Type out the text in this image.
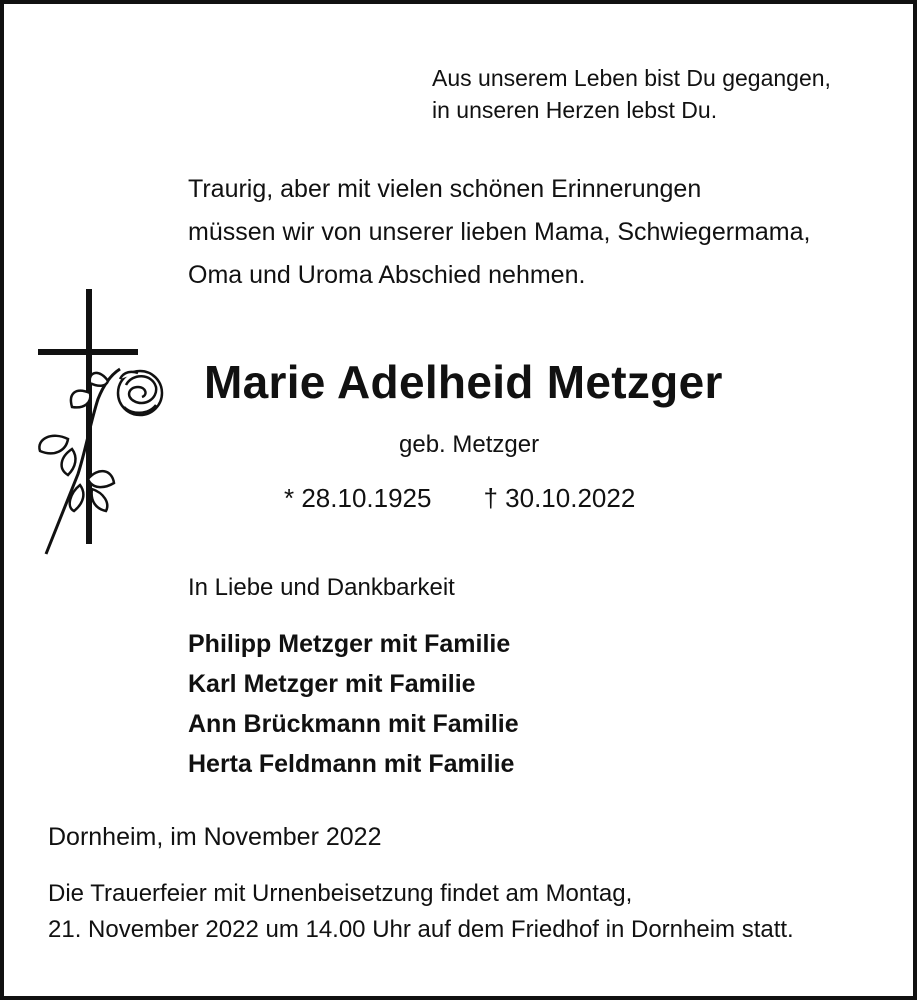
Aus unserem Leben bist Du gegangen,
in unseren Herzen lebst Du.
Traurig, aber mit vielen schönen Erinnerungen
müssen wir von unserer lieben Mama, Schwiegermama,
Oma und Uroma Abschied nehmen.
Marie Adelheid Metzger
geb. Metzger
* 28.10.1925 † 30.10.2022
In Liebe und Dankbarkeit
Philipp Metzger mit Familie
Karl Metzger mit Familie
Ann Brückmann mit Familie
Herta Feldmann mit Familie
Dornheim, im November 2022
Die Trauerfeier mit Urnenbeisetzung findet am Montag,
21. November 2022 um 14.00 Uhr auf dem Friedhof in Dornheim statt.
